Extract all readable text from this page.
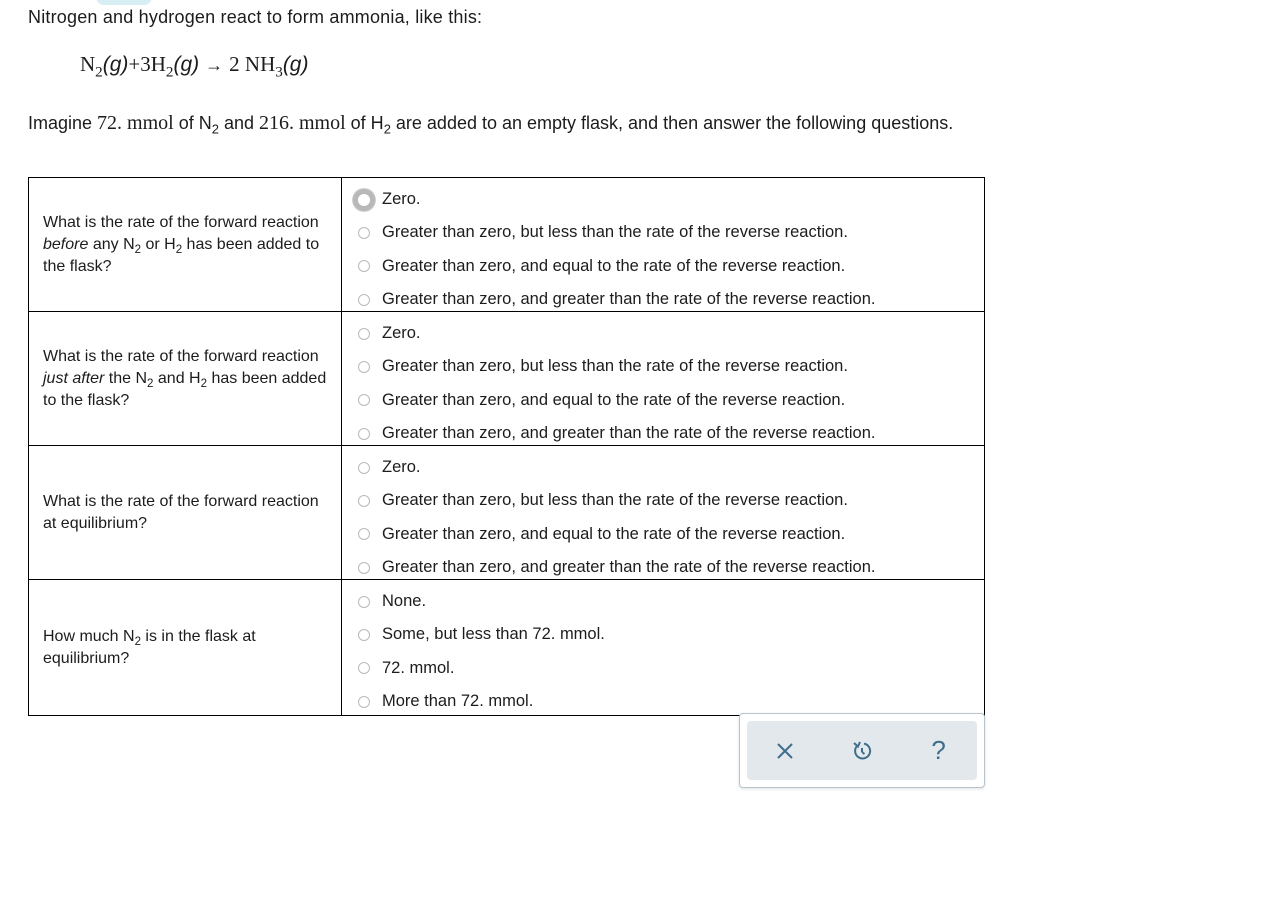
Nitrogen and hydrogen react to form ammonia, like this:
$N_2(g)+3H_2(g) \to 2$ $NH_3(g)$
Imagine 72. mmol of $N_2$ and 216. mmol of $H_2$ are added to an empty flask, and then answer the following questions.
What is the rate of the forward reaction before any $N_2$ or $H_2$ has been added to the flask?
Zero.
Greater than zero, but less than the rate of the reverse reaction.
Greater than zero, and equal to the rate of the reverse reaction.
Greater than zero, and greater than the rate of the reverse reaction.
What is the rate of the forward reaction just after the $N_2$ and $H_2$ has been added to the flask?
Zero.
Greater than zero, but less than the rate of the reverse reaction.
Greater than zero, and equal to the rate of the reverse reaction.
Greater than zero, and greater than the rate of the reverse reaction.
What is the rate of the forward reaction at equilibrium?
Zero.
Greater than zero, but less than the rate of the reverse reaction.
Greater than zero, and equal to the rate of the reverse reaction.
Greater than zero, and greater than the rate of the reverse reaction.
How much $N_2$ is in the flask at equilibrium?
None.
Some, but less than 72. mmol.
72. mmol.
More than 72. mmol.
?
